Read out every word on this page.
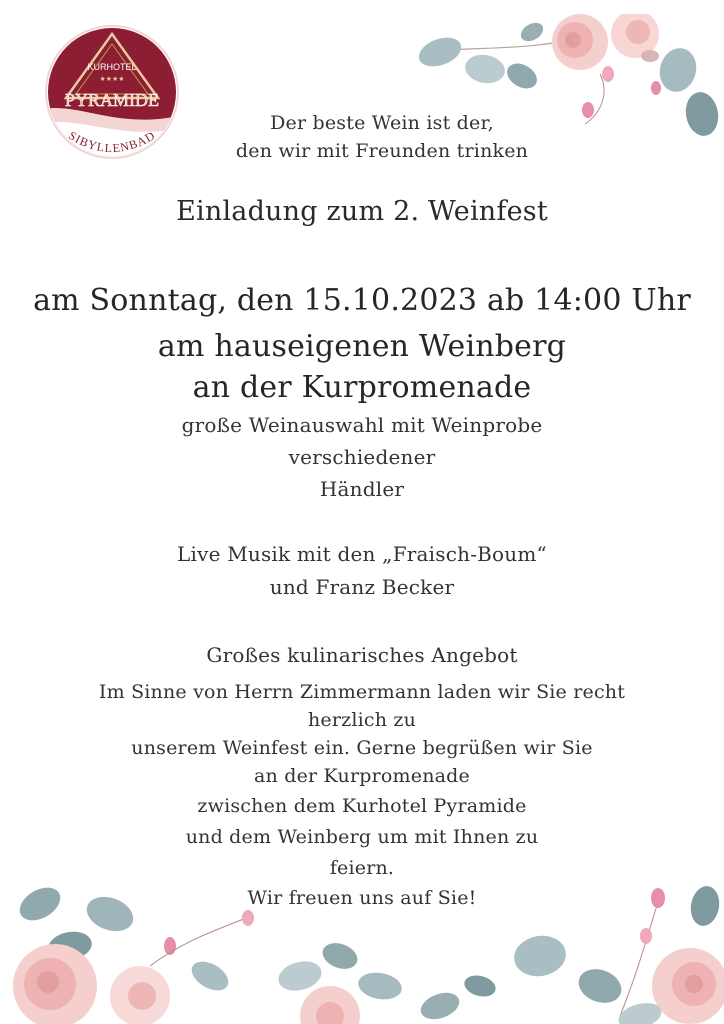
KURHOTEL
★★★★
PYRAMIDE
SIBYLLENBAD
Der beste Wein ist der,
den wir mit Freunden trinken
Einladung zum 2. Weinfest
am Sonntag, den 15.10.2023 ab 14:00 Uhr
am hauseigenen Weinberg
an der Kurpromenade
große Weinauswahl mit Weinprobe
verschiedener
Händler
Live Musik mit den „Fraisch-Boum“
und Franz Becker
Großes kulinarisches Angebot
Im Sinne von Herrn Zimmermann laden wir Sie recht
herzlich zu
unserem Weinfest ein. Gerne begrüßen wir Sie
an der Kurpromenade
zwischen dem Kurhotel Pyramide
und dem Weinberg um mit Ihnen zu
feiern.
Wir freuen uns auf Sie!
